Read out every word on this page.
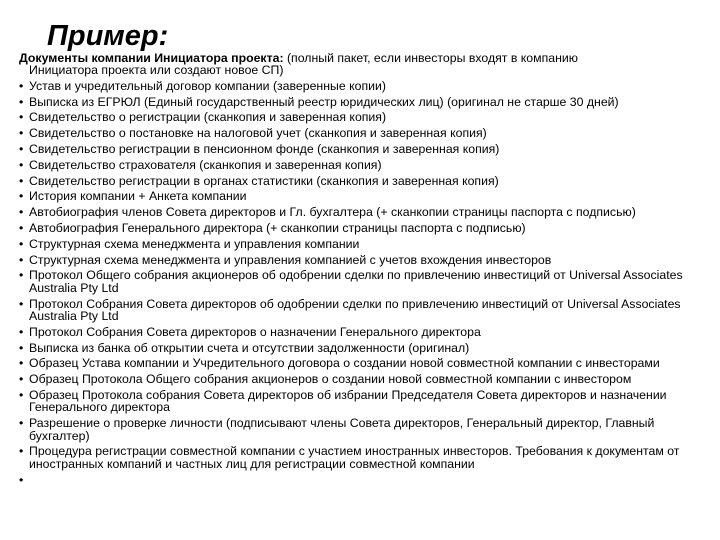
Пример:

Документы компании Инициатора проекта: (полный пакет, если инвесторы входят в компанию
Инициатора проекта или создают новое СП)

• Устав и учредительный договор компании (заверенные копии)
• Выписка из ЕГРЮЛ (Единый государственный реестр юридических лиц) (оригинал не старше 30 дней)
• Свидетельство о регистрации (сканкопия и заверенная копия)
• Свидетельство о постановке на налоговой учет (сканкопия и заверенная копия)
• Свидетельство регистрации в пенсионном фонде (сканкопия и заверенная копия)
• Свидетельство страхователя (сканкопия и заверенная копия)
• Свидетельство регистрации в органах статистики (сканкопия и заверенная копия)
• История компании + Анкета компании
• Автобиография членов Совета директоров и Гл. бухгалтера (+ сканкопии страницы паспорта с подписью)
• Автобиография Генерального директора (+ сканкопии страницы паспорта с подписью)
• Структурная схема менеджмента и управления компании
• Структурная схема менеджмента и управления компанией с учетов вхождения инвесторов
• Протокол Общего собрания акционеров об одобрении сделки по привлечению инвестиций от Universal Associates Australia Pty Ltd
• Протокол Собрания Совета директоров об одобрении сделки по привлечению инвестиций от Universal Associates Australia Pty Ltd
• Протокол Собрания Совета директоров о назначении Генерального директора
• Выписка из банка об открытии счета и отсутствии задолженности (оригинал)
• Образец Устава компании и Учредительного договора о создании новой совместной компании с инвесторами
• Образец Протокола Общего собрания акционеров о создании новой совместной компании с инвестором
• Образец Протокола собрания Совета директоров об избрании Председателя Совета директоров и назначении Генерального директора
• Разрешение о проверке личности (подписывают члены Совета директоров, Генеральный директор, Главный бухгалтер)
• Процедура регистрации совместной компании с участием иностранных инвесторов. Требования к документам от иностранных компаний и частных лиц для регистрации совместной компании
•
